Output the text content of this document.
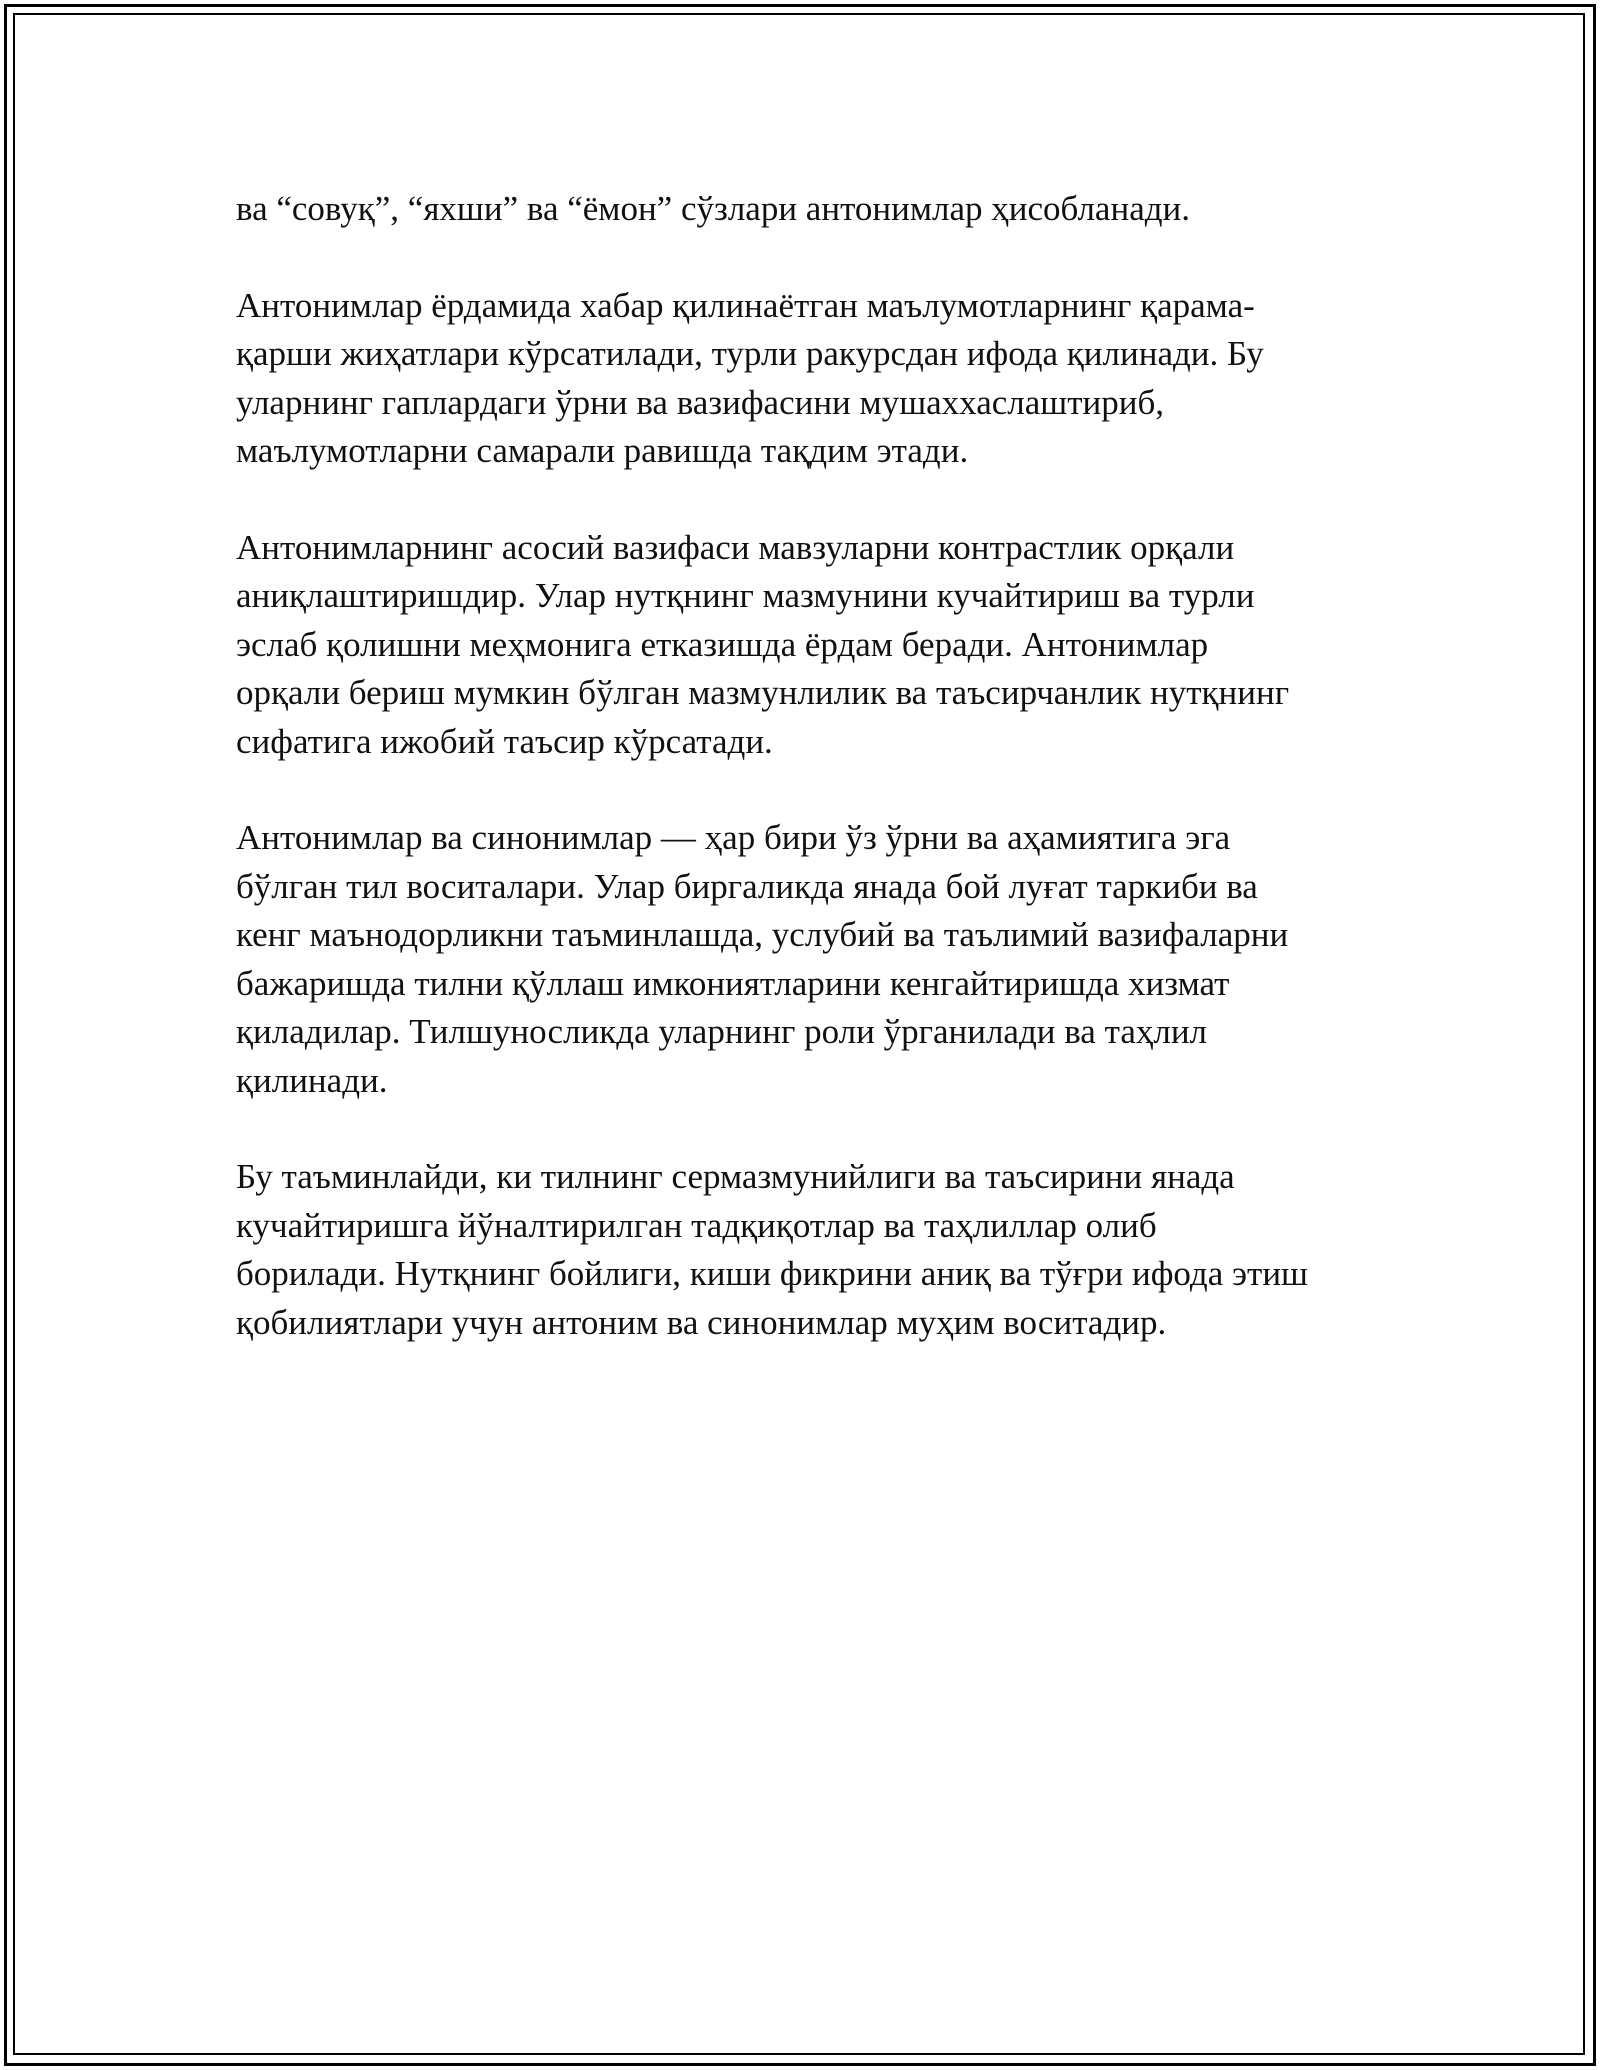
ва “совуқ”, “яхши” ва “ёмон” сўзлари антонимлар ҳисобланади.

Антонимлар ёрдамида хабар қилинаётган маълумотларнинг қарама-
қарши жиҳатлари кўрсатилади, турли ракурсдан ифода қилинади. Бу
уларнинг гаплардаги ўрни ва вазифасини мушаххаслаштириб,
маълумотларни самарали равишда тақдим этади.

Антонимларнинг асосий вазифаси мавзуларни контрастлик орқали
аниқлаштиришдир. Улар нутқнинг мазмунини кучайтириш ва турли
эслаб қолишни меҳмонига етказишда ёрдам беради. Антонимлар
орқали бериш мумкин бўлган мазмунлилик ва таъсирчанлик нутқнинг
сифатига ижобий таъсир кўрсатади.

Антонимлар ва синонимлар — ҳар бири ўз ўрни ва аҳамиятига эга
бўлган тил воситалари. Улар биргаликда янада бой луғат таркиби ва
кенг маънодорликни таъминлашда, услубий ва таълимий вазифаларни
бажаришда тилни қўллаш имкониятларини кенгайтиришда хизмат
қиладилар. Тилшуносликда уларнинг роли ўрганилади ва таҳлил
қилинади.

Бу таъминлайди, ки тилнинг сермазмунийлиги ва таъсирини янада
кучайтиришга йўналтирилган тадқиқотлар ва таҳлиллар олиб
борилади. Нутқнинг бойлиги, киши фикрини аниқ ва тўғри ифода этиш
қобилиятлари учун антоним ва синонимлар муҳим воситадир.
